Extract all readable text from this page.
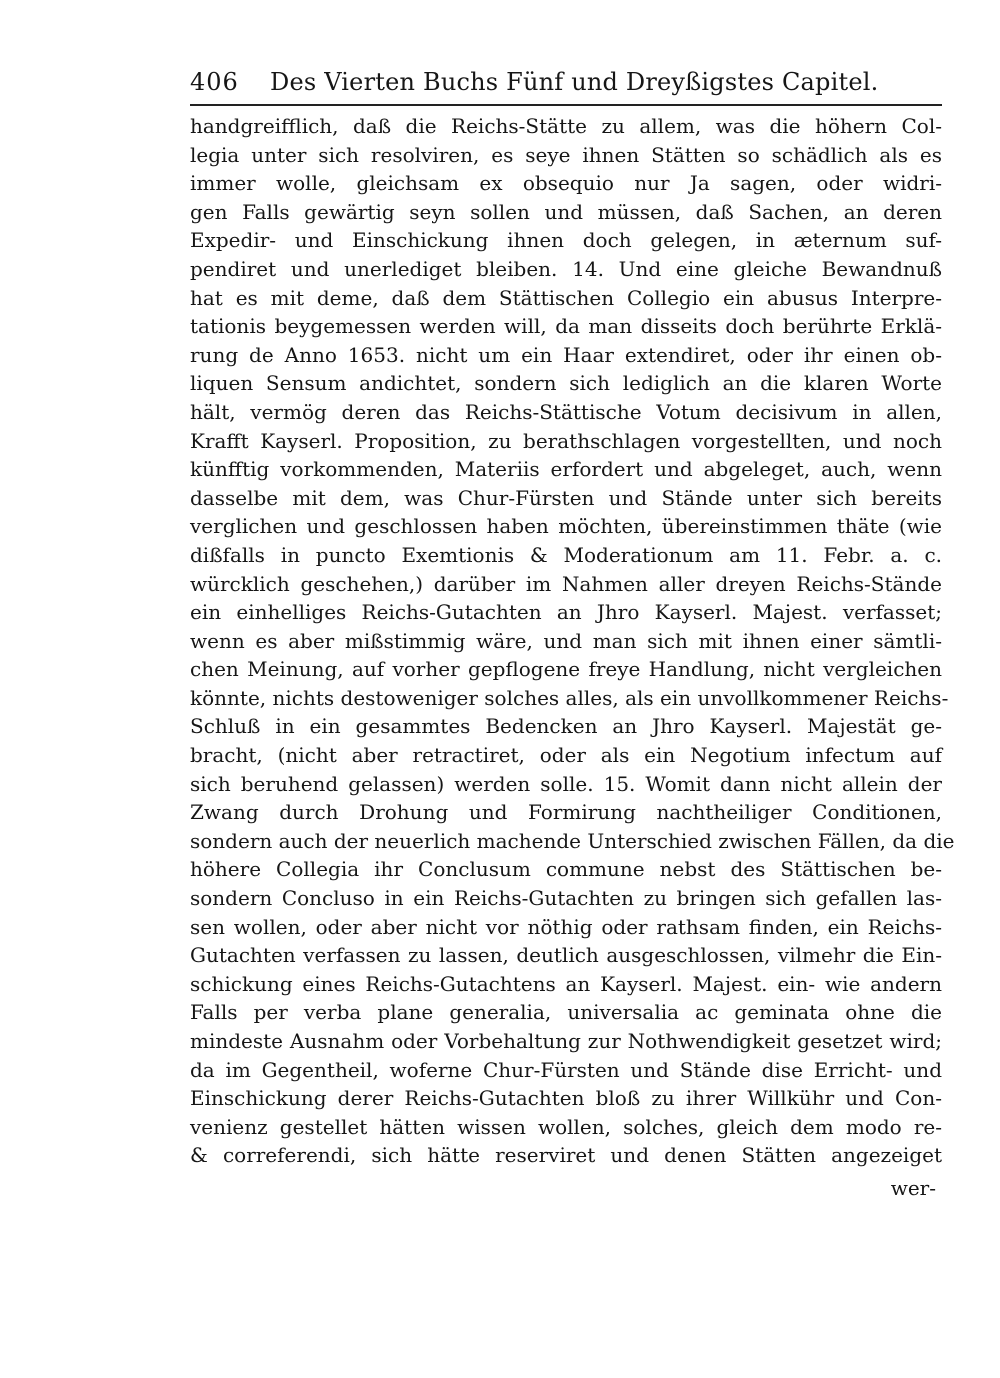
406	Des Vierten Buchs Fünf und Dreyßigstes Capitel.
handgreifflich, daß die Reichs-Stätte zu allem, was die höhern Col-
legia unter sich resolviren, es seye ihnen Stätten so schädlich als es
immer wolle, gleichsam ex obsequio nur Ja sagen, oder widri-
gen Falls gewärtig seyn sollen und müssen, daß Sachen, an deren
Expedir- und Einschickung ihnen doch gelegen, in æternum suf-
pendiret und unerlediget bleiben. 14. Und eine gleiche Bewandnuß
hat es mit deme, daß dem Stättischen Collegio ein abusus Interpre-
tationis beygemessen werden will, da man disseits doch berührte Erklä-
rung de Anno 1653. nicht um ein Haar extendiret, oder ihr einen ob-
liquen Sensum andichtet, sondern sich lediglich an die klaren Worte
hält, vermög deren das Reichs-Stättische Votum decisivum in allen,
Krafft Kayserl. Proposition, zu berathschlagen vorgestellten, und noch
künfftig vorkommenden, Materiis erfordert und abgeleget, auch, wenn
dasselbe mit dem, was Chur-Fürsten und Stände unter sich bereits
verglichen und geschlossen haben möchten, übereinstimmen thäte (wie
dißfalls in puncto Exemtionis & Moderationum am 11. Febr. a. c.
würcklich geschehen,) darüber im Nahmen aller dreyen Reichs-Stände
ein einhelliges Reichs-Gutachten an Jhro Kayserl. Majest. verfasset;
wenn es aber mißstimmig wäre, und man sich mit ihnen einer sämtli-
chen Meinung, auf vorher gepflogene freye Handlung, nicht vergleichen
könnte, nichts destoweniger solches alles, als ein unvollkommener Reichs-
Schluß in ein gesammtes Bedencken an Jhro Kayserl. Majestät ge-
bracht, (nicht aber retractiret, oder als ein Negotium infectum auf
sich beruhend gelassen) werden solle. 15. Womit dann nicht allein der
Zwang durch Drohung und Formirung nachtheiliger Conditionen,
sondern auch der neuerlich machende Unterschied zwischen Fällen, da die
höhere Collegia ihr Conclusum commune nebst des Stättischen be-
sondern Concluso in ein Reichs-Gutachten zu bringen sich gefallen las-
sen wollen, oder aber nicht vor nöthig oder rathsam finden, ein Reichs-
Gutachten verfassen zu lassen, deutlich ausgeschlossen, vilmehr die Ein-
schickung eines Reichs-Gutachtens an Kayserl. Majest. ein- wie andern
Falls per verba plane generalia, universalia ac geminata ohne die
mindeste Ausnahm oder Vorbehaltung zur Nothwendigkeit gesetzet wird;
da im Gegentheil, woferne Chur-Fürsten und Stände dise Erricht- und
Einschickung derer Reichs-Gutachten bloß zu ihrer Willkühr und Con-
venienz gestellet hätten wissen wollen, solches, gleich dem modo re-
& correferendi, sich hätte reserviret und denen Stätten angezeiget
wer-
